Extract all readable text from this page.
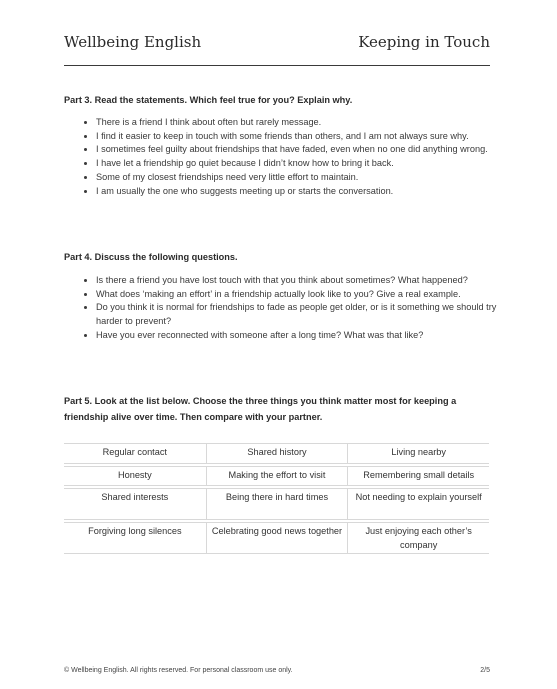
Wellbeing English	Keeping in Touch
Part 3. Read the statements. Which feel true for you? Explain why.
• There is a friend I think about often but rarely message.
• I find it easier to keep in touch with some friends than others, and I am not always sure why.
• I sometimes feel guilty about friendships that have faded, even when no one did anything wrong.
• I have let a friendship go quiet because I didn’t know how to bring it back.
• Some of my closest friendships need very little effort to maintain.
• I am usually the one who suggests meeting up or starts the conversation.
Part 4. Discuss the following questions.
• Is there a friend you have lost touch with that you think about sometimes? What happened?
• What does ‘making an effort’ in a friendship actually look like to you? Give a real example.
• Do you think it is normal for friendships to fade as people get older, or is it something we should try harder to prevent?
• Have you ever reconnected with someone after a long time? What was that like?
Part 5. Look at the list below. Choose the three things you think matter most for keeping a friendship alive over time. Then compare with your partner.
Regular contact	Shared history	Living nearby
Honesty	Making the effort to visit	Remembering small details
Shared interests	Being there in hard times	Not needing to explain yourself
Forgiving long silences	Celebrating good news together	Just enjoying each other’s company
© Wellbeing English. All rights reserved. For personal classroom use only.	2/5
